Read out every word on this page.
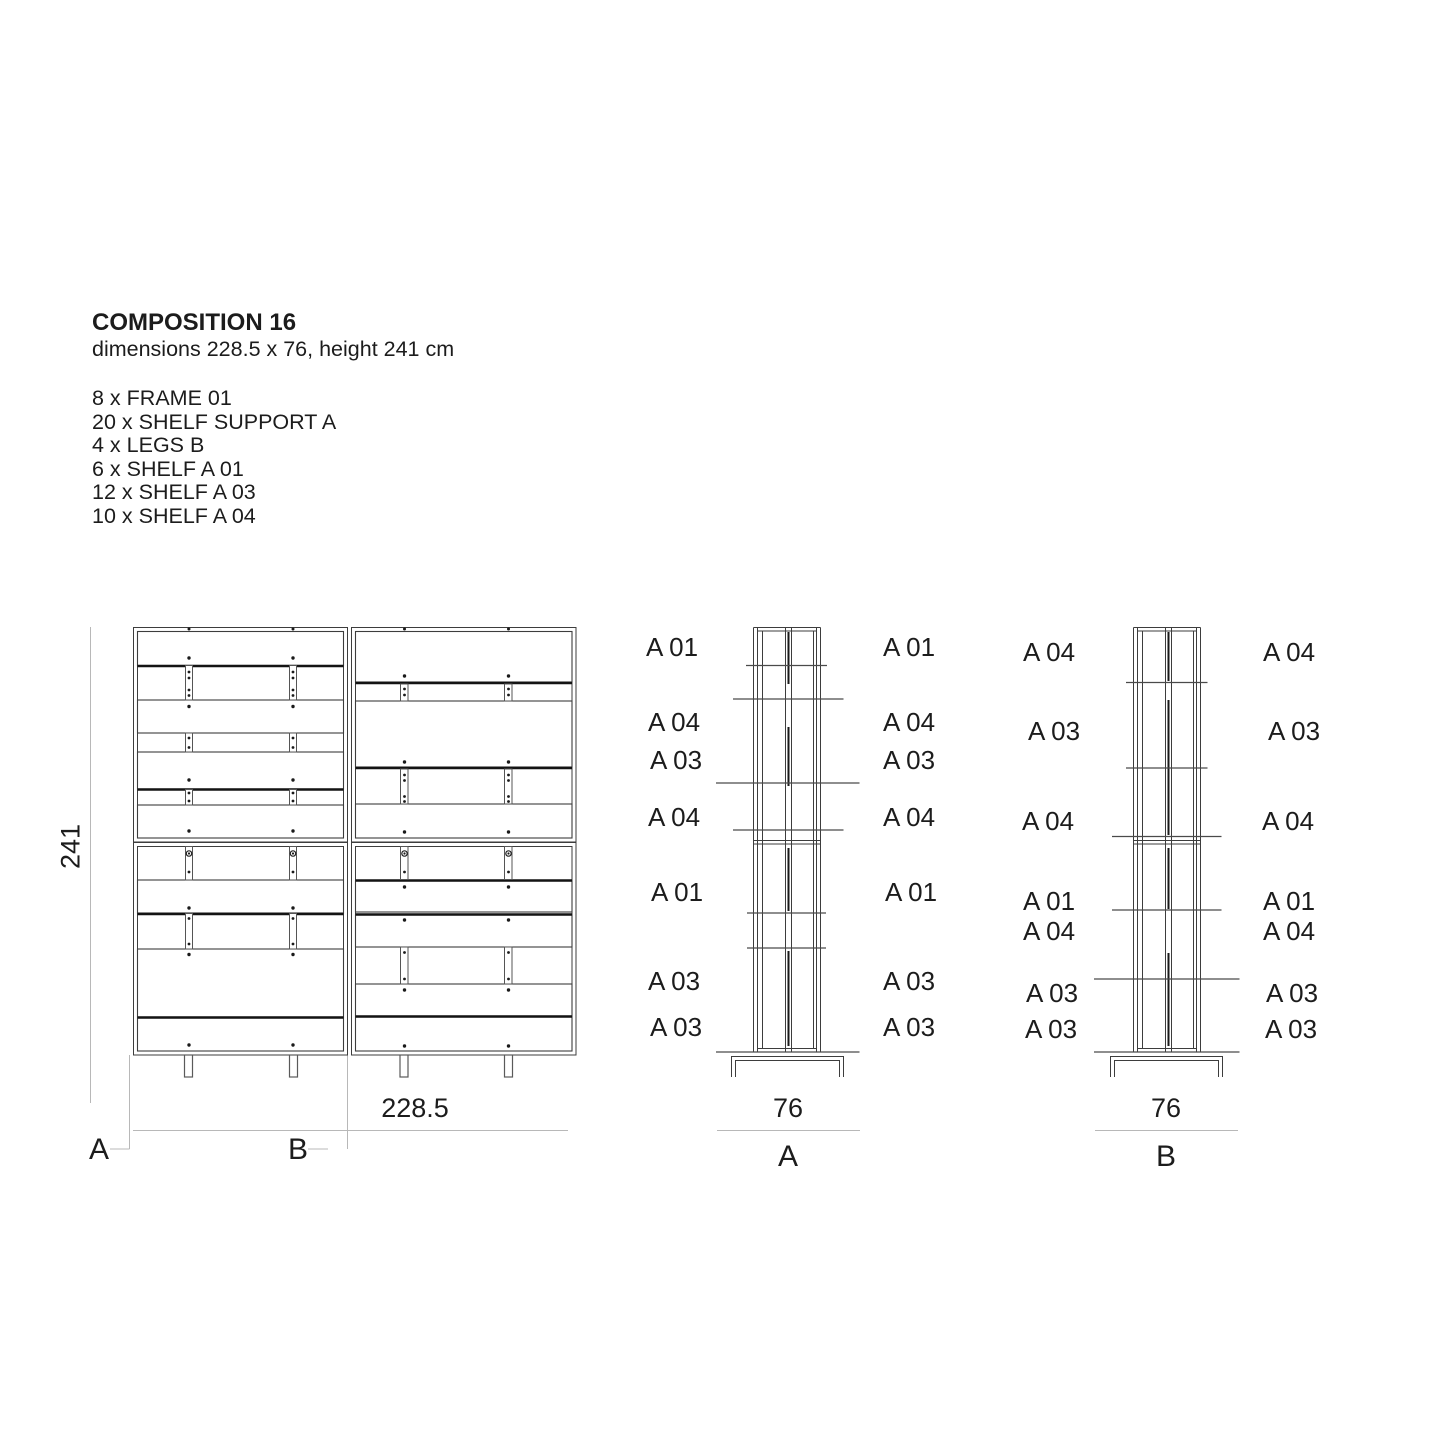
COMPOSITION 16
dimensions 228.5 x 76, height 241 cm
8 x FRAME 01
20 x SHELF SUPPORT A
4 x LEGS B
6 x SHELF A 01
12 x SHELF A 03
10 x SHELF A 04
241
228.5
A	B
A 01
A 04
A 03
A 04
A 01
A 03
A 03
A 01
A 04
A 03
A 04
A 01
A 03
A 03
76
A
A 04
A 03
A 04
A 01
A 04
A 03
A 03
A 04
A 03
A 04
A 01
A 04
A 03
A 03
76
B
